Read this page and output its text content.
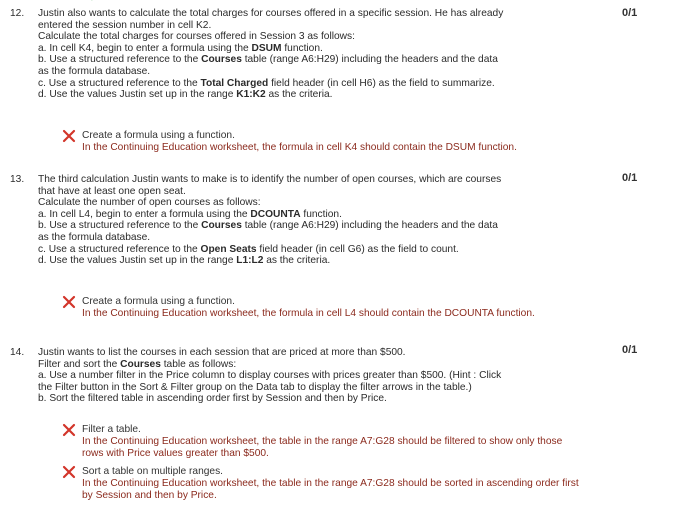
0/1
12. Justin also wants to calculate the total charges for courses offered in a specific session. He has already
entered the session number in cell K2.
Calculate the total charges for courses offered in Session 3 as follows:
a. In cell K4, begin to enter a formula using the DSUM function.
b. Use a structured reference to the Courses table (range A6:H29) including the headers and the data
as the formula database.
c. Use a structured reference to the Total Charged field header (in cell H6) as the field to summarize.
d. Use the values Justin set up in the range K1:K2 as the criteria.
Create a formula using a function.
In the Continuing Education worksheet, the formula in cell K4 should contain the DSUM function.
0/1
13. The third calculation Justin wants to make is to identify the number of open courses, which are courses
that have at least one open seat.
Calculate the number of open courses as follows:
a. In cell L4, begin to enter a formula using the DCOUNTA function.
b. Use a structured reference to the Courses table (range A6:H29) including the headers and the data
as the formula database.
c. Use a structured reference to the Open Seats field header (in cell G6) as the field to count.
d. Use the values Justin set up in the range L1:L2 as the criteria.
Create a formula using a function.
In the Continuing Education worksheet, the formula in cell L4 should contain the DCOUNTA function.
0/1
14. Justin wants to list the courses in each session that are priced at more than $500.
Filter and sort the Courses table as follows:
a. Use a number filter in the Price column to display courses with prices greater than $500. (Hint : Click
the Filter button in the Sort & Filter group on the Data tab to display the filter arrows in the table.)
b. Sort the filtered table in ascending order first by Session and then by Price.
Filter a table.
In the Continuing Education worksheet, the table in the range A7:G28 should be filtered to show only those rows with Price values greater than $500.
Sort a table on multiple ranges.
In the Continuing Education worksheet, the table in the range A7:G28 should be sorted in ascending order first by Session and then by Price.
